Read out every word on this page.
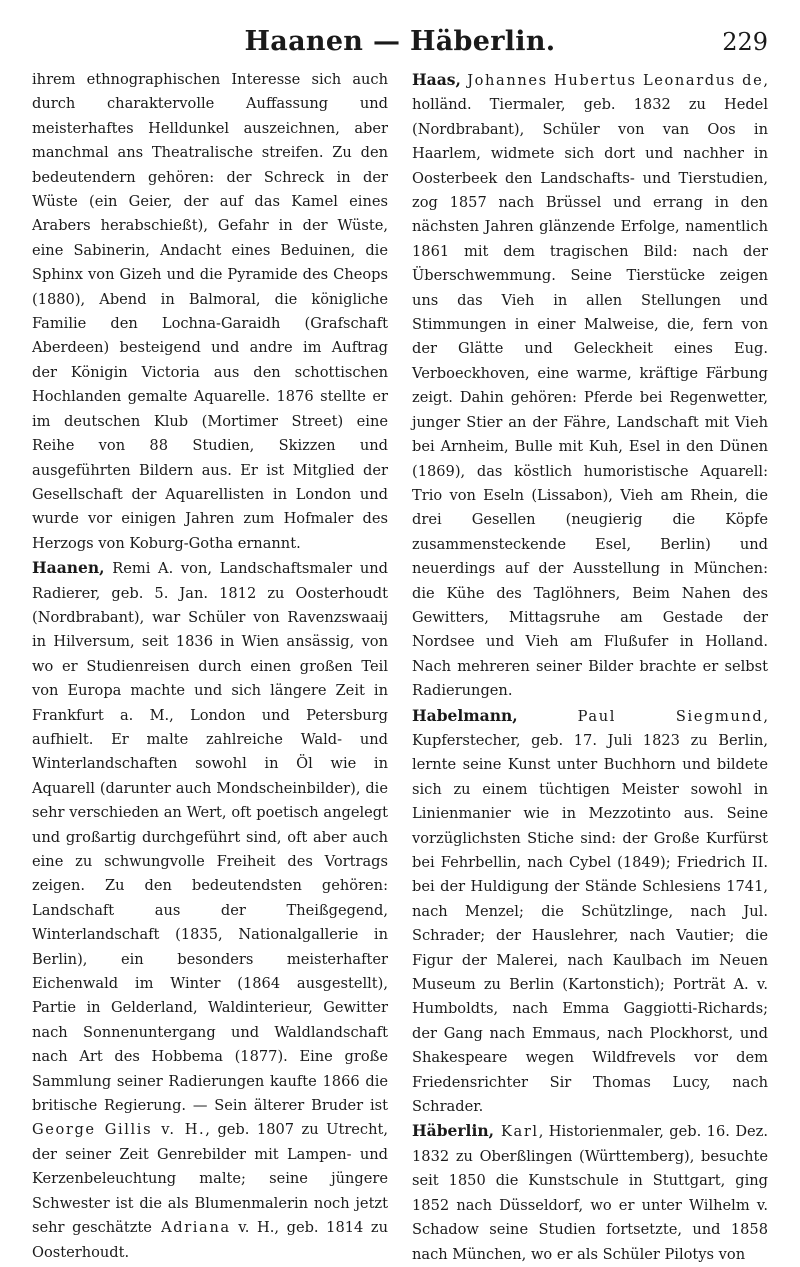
Haanen — Häberlin.	229

ihrem ethnographischen Interesse sich auch durch charaktervolle Auffassung und meisterhaftes Helldunkel auszeichnen, aber manchmal ans Theatralische streifen. Zu den bedeutendern gehören: der Schreck in der Wüste (ein Geier, der auf das Kamel eines Arabers herabschießt), Gefahr in der Wüste, eine Sabinerin, Andacht eines Beduinen, die Sphinx von Gizeh und die Pyramide des Cheops (1880), Abend in Balmoral, die königliche Familie den Lochna-Garaidh (Grafschaft Aberdeen) besteigend und andre im Auftrag der Königin Victoria aus den schottischen Hochlanden gemalte Aquarelle. 1876 stellte er im deutschen Klub (Mortimer Street) eine Reihe von 88 Studien, Skizzen und ausgeführten Bildern aus. Er ist Mitglied der Gesellschaft der Aquarellisten in London und wurde vor einigen Jahren zum Hofmaler des Herzogs von Koburg-Gotha ernannt.

Haanen, Remi A. von, Landschaftsmaler und Radierer, geb. 5. Jan. 1812 zu Oosterhoudt (Nordbrabant), war Schüler von Ravenzswaaij in Hilversum, seit 1836 in Wien ansässig, von wo er Studienreisen durch einen großen Teil von Europa machte und sich längere Zeit in Frankfurt a. M., London und Petersburg aufhielt. Er malte zahlreiche Wald- und Winterlandschaften sowohl in Öl wie in Aquarell (darunter auch Mondscheinbilder), die sehr verschieden an Wert, oft poetisch angelegt und großartig durchgeführt sind, oft aber auch eine zu schwungvolle Freiheit des Vortrags zeigen. Zu den bedeutendsten gehören: Landschaft aus der Theißgegend, Winterlandschaft (1835, Nationalgallerie in Berlin), ein besonders meisterhafter Eichenwald im Winter (1864 ausgestellt), Partie in Gelderland, Waldinterieur, Gewitter nach Sonnenuntergang und Waldlandschaft nach Art des Hobbema (1877). Eine große Sammlung seiner Radierungen kaufte 1866 die britische Regierung. — Sein älterer Bruder ist George Gillis v. H., geb. 1807 zu Utrecht, der seiner Zeit Genrebilder mit Lampen- und Kerzenbeleuchtung malte; seine jüngere Schwester ist die als Blumenmalerin noch jetzt sehr geschätzte Adriana v. H., geb. 1814 zu Oosterhoudt.

Haas, Johannes Hubertus Leonardus de, holländ. Tiermaler, geb. 1832 zu Hedel (Nordbrabant), Schüler von van Oos in Haarlem, widmete sich dort und nachher in Oosterbeek den Landschafts- und Tierstudien, zog 1857 nach Brüssel und errang in den nächsten Jahren glänzende Erfolge, namentlich 1861 mit dem tragischen Bild: nach der Überschwemmung. Seine Tierstücke zeigen uns das Vieh in allen Stellungen und Stimmungen in einer Malweise, die, fern von der Glätte und Geleckheit eines Eug. Verboeckhoven, eine warme, kräftige Färbung zeigt. Dahin gehören: Pferde bei Regenwetter, junger Stier an der Fähre, Landschaft mit Vieh bei Arnheim, Bulle mit Kuh, Esel in den Dünen (1869), das köstlich humoristische Aquarell: Trio von Eseln (Lissabon), Vieh am Rhein, die drei Gesellen (neugierig die Köpfe zusammensteckende Esel, Berlin) und neuerdings auf der Ausstellung in München: die Kühe des Taglöhners, Beim Nahen des Gewitters, Mittagsruhe am Gestade der Nordsee und Vieh am Flußufer in Holland. Nach mehreren seiner Bilder brachte er selbst Radierungen.

Habelmann, Paul Siegmund, Kupferstecher, geb. 17. Juli 1823 zu Berlin, lernte seine Kunst unter Buchhorn und bildete sich zu einem tüchtigen Meister sowohl in Linienmanier wie in Mezzotinto aus. Seine vorzüglichsten Stiche sind: der Große Kurfürst bei Fehrbellin, nach Cybel (1849); Friedrich II. bei der Huldigung der Stände Schlesiens 1741, nach Menzel; die Schützlinge, nach Jul. Schrader; der Hauslehrer, nach Vautier; die Figur der Malerei, nach Kaulbach im Neuen Museum zu Berlin (Kartonstich); Porträt A. v. Humboldts, nach Emma Gaggiotti-Richards; der Gang nach Emmaus, nach Plockhorst, und Shakespeare wegen Wildfrevels vor dem Friedensrichter Sir Thomas Lucy, nach Schrader.

Häberlin, Karl, Historienmaler, geb. 16. Dez. 1832 zu Oberßlingen (Württemberg), besuchte seit 1850 die Kunstschule in Stuttgart, ging 1852 nach Düsseldorf, wo er unter Wilhelm v. Schadow seine Studien fortsetzte, und 1858 nach München, wo er als Schüler Pilotys von
